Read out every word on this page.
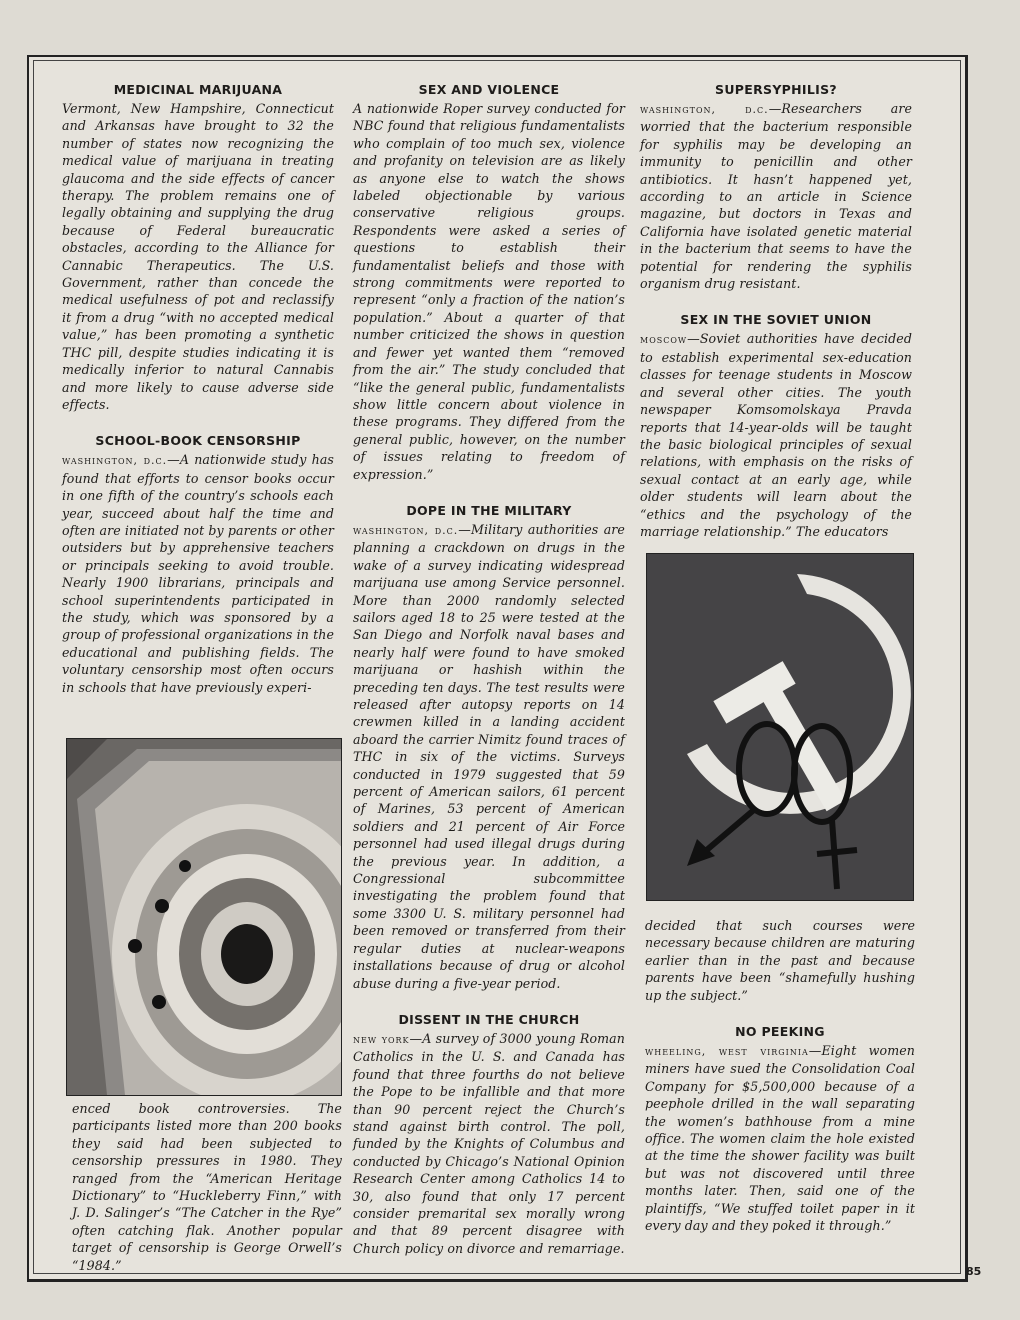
MEDICINAL MARIJUANA

Vermont, New Hampshire, Connecticut and Arkansas have brought to 32 the number of states now recognizing the medical value of marijuana in treating glaucoma and the side effects of cancer therapy. The problem remains one of legally obtaining and supplying the drug because of Federal bureaucratic obstacles, according to the Alliance for Cannabic Therapeutics. The U.S. Government, rather than concede the medical usefulness of pot and reclassify it from a drug “with no accepted medical value,” has been promoting a synthetic THC pill, despite studies indicating it is medically inferior to natural Cannabis and more likely to cause adverse side effects.

SCHOOL-BOOK CENSORSHIP

washington, d.c.—A nationwide study has found that efforts to censor books occur in one fifth of the country’s schools each year, succeed about half the time and often are initiated not by parents or other outsiders but by apprehensive teachers or principals seeking to avoid trouble. Nearly 1900 librarians, principals and school superintendents participated in the study, which was sponsored by a group of professional organizations in the educational and publishing fields. The voluntary censorship most often occurs in schools that have previously experi-

enced book controversies. The participants listed more than 200 books they said had been subjected to censorship pressures in 1980. They ranged from the “American Heritage Dictionary” to “Huckleberry Finn,” with J. D. Salinger’s “The Catcher in the Rye” often catching flak. Another popular target of censorship is George Orwell’s “1984.”

SEX AND VIOLENCE

A nationwide Roper survey conducted for NBC found that religious fundamentalists who complain of too much sex, violence and profanity on television are as likely as anyone else to watch the shows labeled objectionable by various conservative religious groups. Respondents were asked a series of questions to establish their fundamentalist beliefs and those with strong commitments were reported to represent “only a fraction of the nation’s population.” About a quarter of that number criticized the shows in question and fewer yet wanted them “removed from the air.” The study concluded that “like the general public, fundamentalists show little concern about violence in these programs. They differed from the general public, however, on the number of issues relating to freedom of expression.”

DOPE IN THE MILITARY

washington, d.c.—Military authorities are planning a crackdown on drugs in the wake of a survey indicating widespread marijuana use among Service personnel. More than 2000 randomly selected sailors aged 18 to 25 were tested at the San Diego and Norfolk naval bases and nearly half were found to have smoked marijuana or hashish within the preceding ten days. The test results were released after autopsy reports on 14 crewmen killed in a landing accident aboard the carrier Nimitz found traces of THC in six of the victims. Surveys conducted in 1979 suggested that 59 percent of American sailors, 61 percent of Marines, 53 percent of American soldiers and 21 percent of Air Force personnel had used illegal drugs during the previous year. In addition, a Congressional subcommittee investigating the problem found that some 3300 U. S. military personnel had been removed or transferred from their regular duties at nuclear-weapons installations because of drug or alcohol abuse during a five-year period.

DISSENT IN THE CHURCH

new york—A survey of 3000 young Roman Catholics in the U. S. and Canada has found that three fourths do not believe the Pope to be infallible and that more than 90 percent reject the Church’s stand against birth control. The poll, funded by the Knights of Columbus and conducted by Chicago’s National Opinion Research Center among Catholics 14 to 30, also found that only 17 percent consider premarital sex morally wrong and that 89 percent disagree with Church policy on divorce and remarriage.

SUPERSYPHILIS?

washington, d.c.—Researchers are worried that the bacterium responsible for syphilis may be developing an immunity to penicillin and other antibiotics. It hasn’t happened yet, according to an article in Science magazine, but doctors in Texas and California have isolated genetic material in the bacterium that seems to have the potential for rendering the syphilis organism drug resistant.

SEX IN THE SOVIET UNION

moscow—Soviet authorities have decided to establish experimental sex-education classes for teenage students in Moscow and several other cities. The youth newspaper Komsomolskaya Pravda reports that 14-year-olds will be taught the basic biological principles of sexual relations, with emphasis on the risks of sexual contact at an early age, while older students will learn about the “ethics and the psychology of the marriage relationship.” The educators

decided that such courses were necessary because children are maturing earlier than in the past and because parents have been “shamefully hushing up the subject.”

NO PEEKING

wheeling, west virginia—Eight women miners have sued the Consolidation Coal Company for $5,500,000 because of a peephole drilled in the wall separating the women’s bathhouse from a mine office. The women claim the hole existed at the time the shower facility was built but was not discovered until three months later. Then, said one of the plaintiffs, “We stuffed toilet paper in it every day and they poked it through.”

85
